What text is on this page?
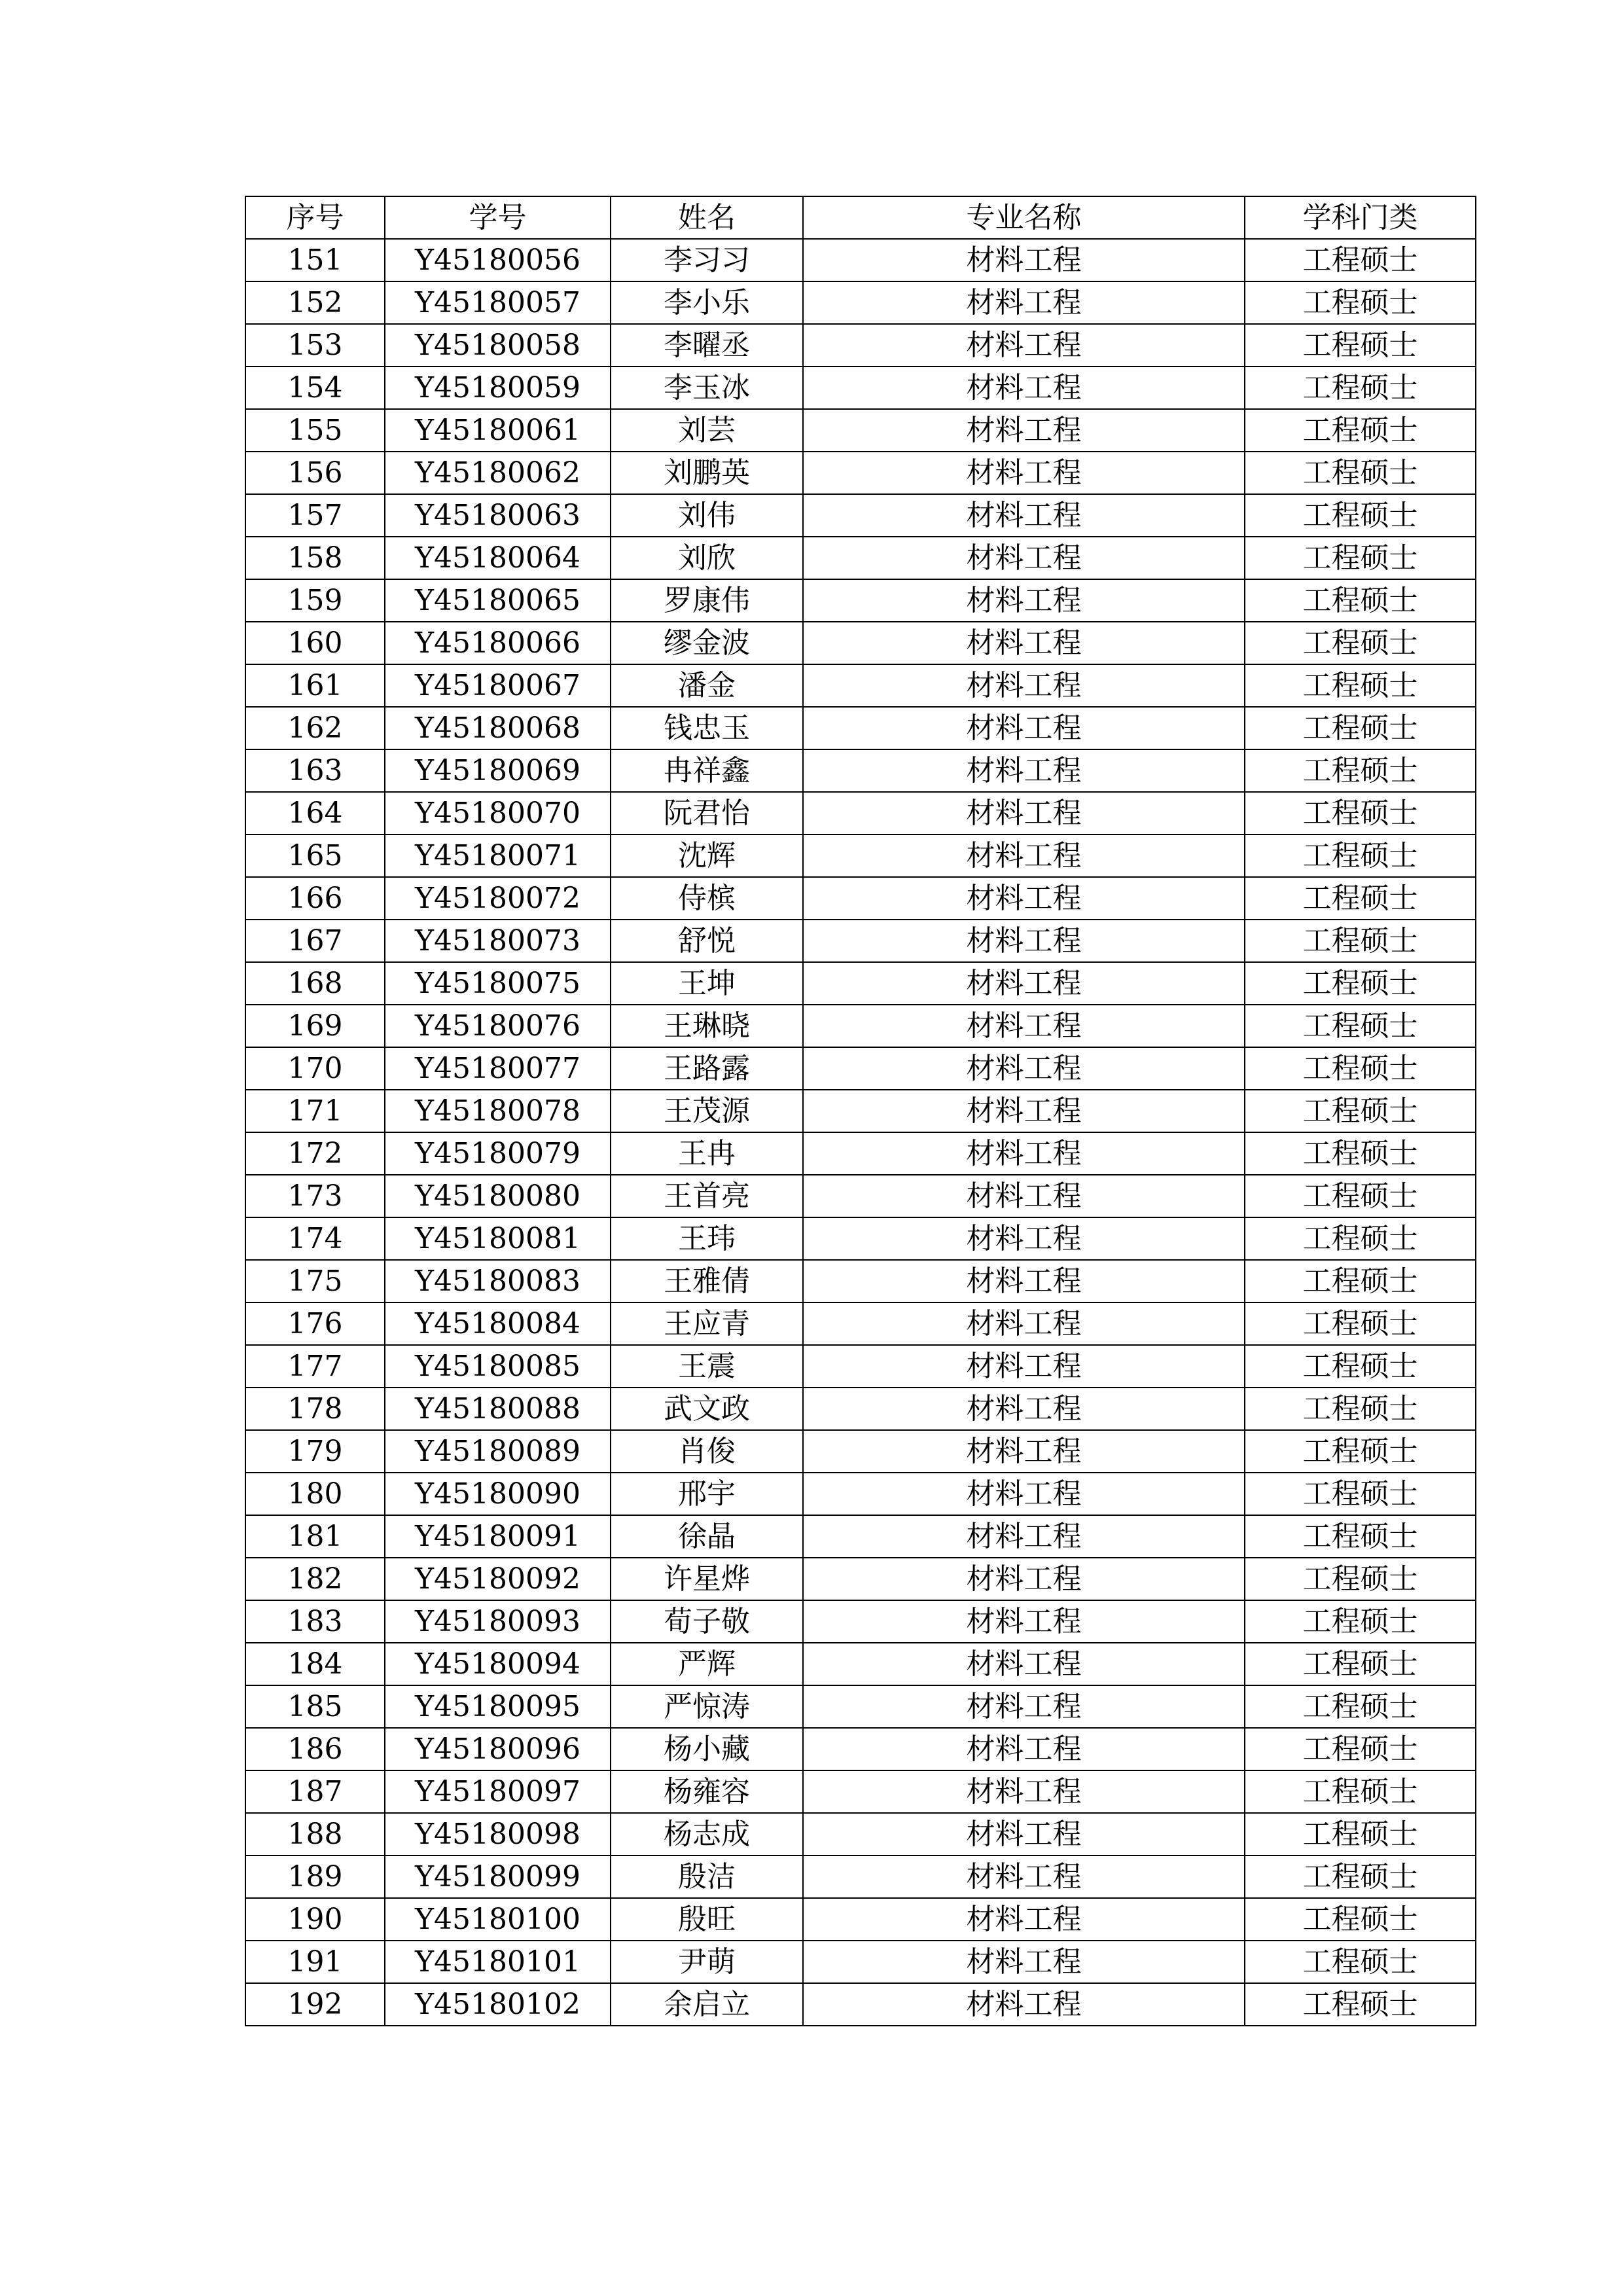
序号	学号	姓名	专业名称	学科门类
151	Y45180056	李习习	材料工程	工程硕士
152	Y45180057	李小乐	材料工程	工程硕士
153	Y45180058	李曜丞	材料工程	工程硕士
154	Y45180059	李玉冰	材料工程	工程硕士
155	Y45180061	刘芸	材料工程	工程硕士
156	Y45180062	刘鹏英	材料工程	工程硕士
157	Y45180063	刘伟	材料工程	工程硕士
158	Y45180064	刘欣	材料工程	工程硕士
159	Y45180065	罗康伟	材料工程	工程硕士
160	Y45180066	缪金波	材料工程	工程硕士
161	Y45180067	潘金	材料工程	工程硕士
162	Y45180068	钱忠玉	材料工程	工程硕士
163	Y45180069	冉祥鑫	材料工程	工程硕士
164	Y45180070	阮君怡	材料工程	工程硕士
165	Y45180071	沈辉	材料工程	工程硕士
166	Y45180072	侍槟	材料工程	工程硕士
167	Y45180073	舒悦	材料工程	工程硕士
168	Y45180075	王坤	材料工程	工程硕士
169	Y45180076	王琳晓	材料工程	工程硕士
170	Y45180077	王路露	材料工程	工程硕士
171	Y45180078	王茂源	材料工程	工程硕士
172	Y45180079	王冉	材料工程	工程硕士
173	Y45180080	王首亮	材料工程	工程硕士
174	Y45180081	王玮	材料工程	工程硕士
175	Y45180083	王雅倩	材料工程	工程硕士
176	Y45180084	王应青	材料工程	工程硕士
177	Y45180085	王震	材料工程	工程硕士
178	Y45180088	武文政	材料工程	工程硕士
179	Y45180089	肖俊	材料工程	工程硕士
180	Y45180090	邢宇	材料工程	工程硕士
181	Y45180091	徐晶	材料工程	工程硕士
182	Y45180092	许星烨	材料工程	工程硕士
183	Y45180093	荀子敬	材料工程	工程硕士
184	Y45180094	严辉	材料工程	工程硕士
185	Y45180095	严惊涛	材料工程	工程硕士
186	Y45180096	杨小藏	材料工程	工程硕士
187	Y45180097	杨雍容	材料工程	工程硕士
188	Y45180098	杨志成	材料工程	工程硕士
189	Y45180099	殷洁	材料工程	工程硕士
190	Y45180100	殷旺	材料工程	工程硕士
191	Y45180101	尹萌	材料工程	工程硕士
192	Y45180102	余启立	材料工程	工程硕士
